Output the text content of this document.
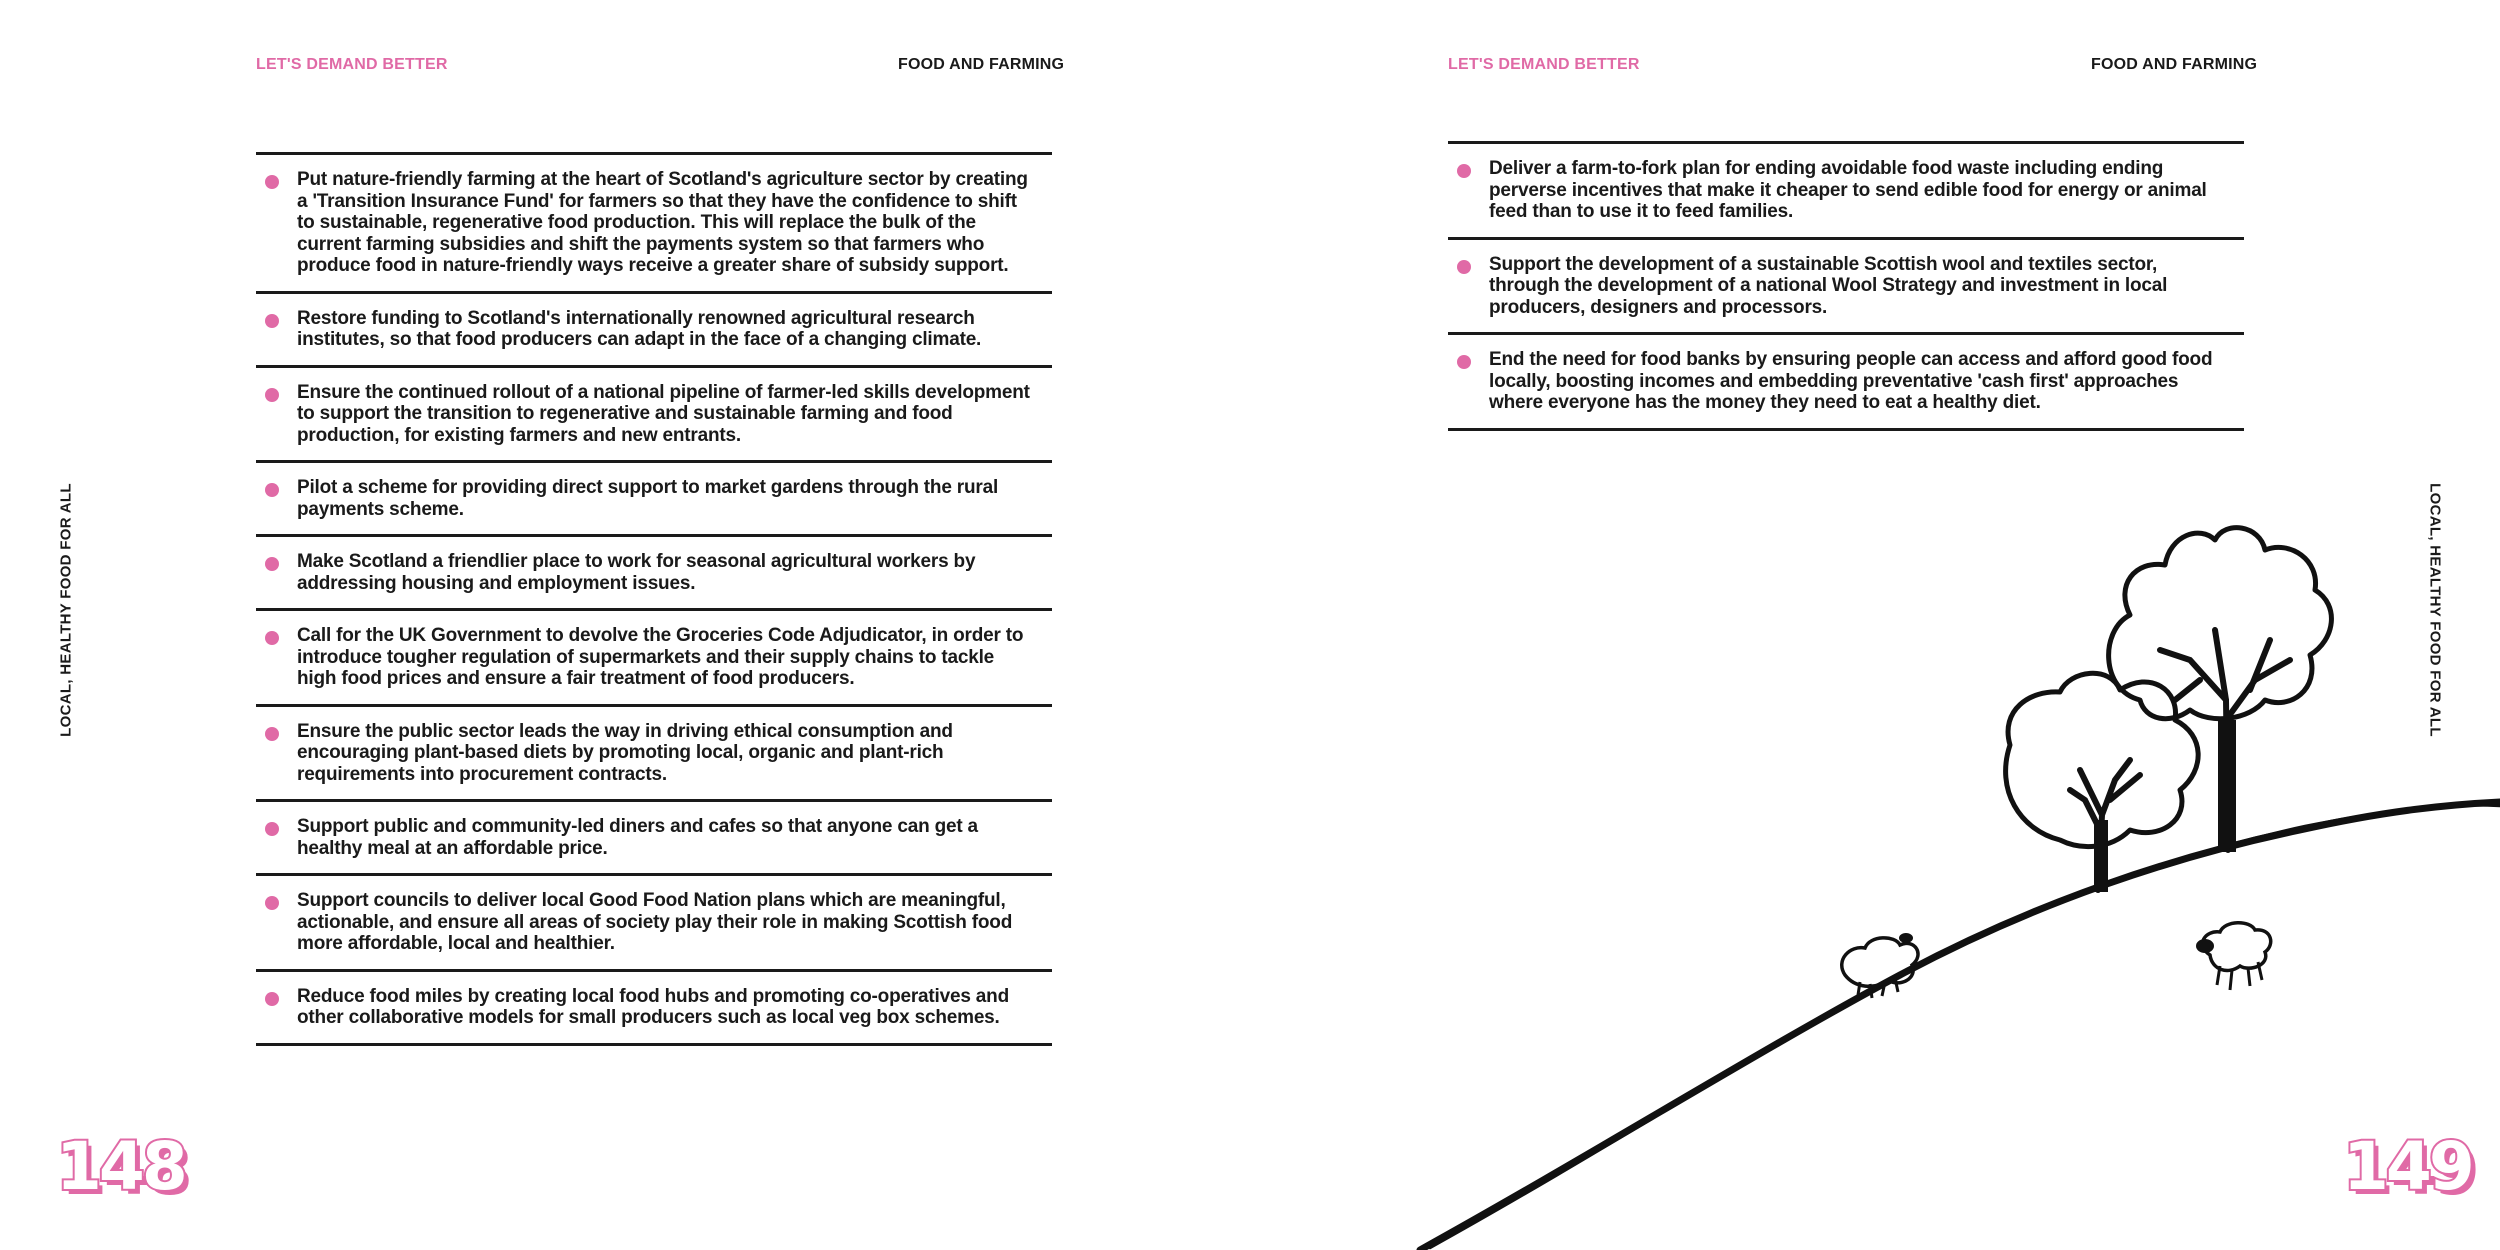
LET'S DEMAND BETTER	FOOD AND FARMING
Put nature-friendly farming at the heart of Scotland's agriculture sector by creating a 'Transition Insurance Fund' for farmers so that they have the confidence to shift to sustainable, regenerative food production. This will replace the bulk of the current farming subsidies and shift the payments system so that farmers who produce food in nature-friendly ways receive a greater share of subsidy support.
Restore funding to Scotland's internationally renowned agricultural research institutes, so that food producers can adapt in the face of a changing climate.
Ensure the continued rollout of a national pipeline of farmer-led skills development to support the transition to regenerative and sustainable farming and food production, for existing farmers and new entrants.
Pilot a scheme for providing direct support to market gardens through the rural payments scheme.
Make Scotland a friendlier place to work for seasonal agricultural workers by addressing housing and employment issues.
Call for the UK Government to devolve the Groceries Code Adjudicator, in order to introduce tougher regulation of supermarkets and their supply chains to tackle high food prices and ensure a fair treatment of food producers.
Ensure the public sector leads the way in driving ethical consumption and encouraging plant-based diets by promoting local, organic and plant-rich requirements into procurement contracts.
Support public and community-led diners and cafes so that anyone can get a healthy meal at an affordable price.
Support councils to deliver local Good Food Nation plans which are meaningful, actionable, and ensure all areas of society play their role in making Scottish food more affordable, local and healthier.
Reduce food miles by creating local food hubs and promoting co-operatives and other collaborative models for small producers such as local veg box schemes.
LOCAL, HEALTHY FOOD FOR ALL
148
LET'S DEMAND BETTER	FOOD AND FARMING
Deliver a farm-to-fork plan for ending avoidable food waste including ending perverse incentives that make it cheaper to send edible food for energy or animal feed than to use it to feed families.
Support the development of a sustainable Scottish wool and textiles sector, through the development of a national Wool Strategy and investment in local producers, designers and processors.
End the need for food banks by ensuring people can access and afford good food locally, boosting incomes and embedding preventative 'cash first' approaches where everyone has the money they need to eat a healthy diet.
LOCAL, HEALTHY FOOD FOR ALL
149
